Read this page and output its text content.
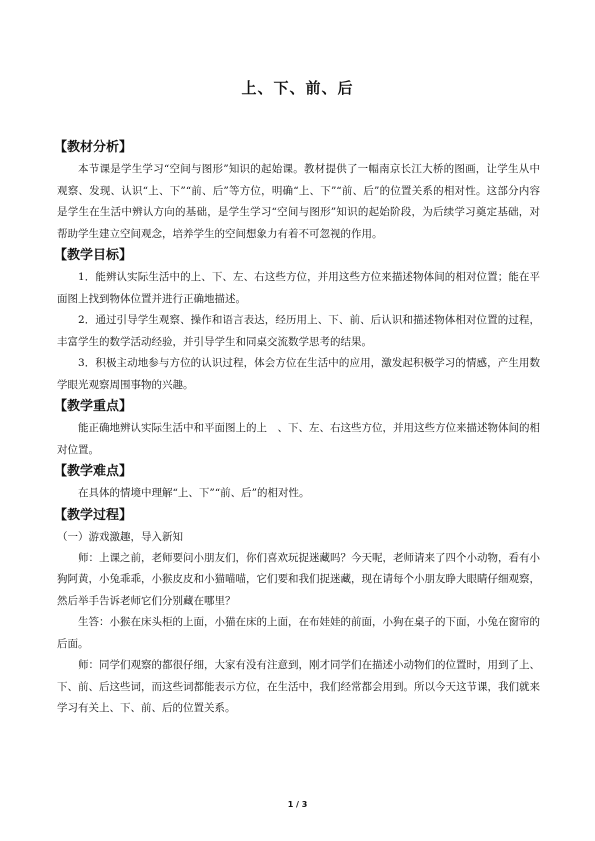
上、下、前、后
【教材分析】

本节课是学生学习“空间与图形”知识的起始课。教材提供了一幅南京长江大桥的图画，让学生从中观察、发现、认识“上、下”“前、后”等方位，明确“上、下”“前、后”的位置关系的相对性。这部分内容是学生在生活中辨认方向的基础，是学生学习“空间与图形”知识的起始阶段，为后续学习奠定基础，对帮助学生建立空间观念，培养学生的空间想象力有着不可忽视的作用。

【教学目标】

1．能辨认实际生活中的上、下、左、右这些方位，并用这些方位来描述物体间的相对位置；能在平面图上找到物体位置并进行正确地描述。

2．通过引导学生观察、操作和语言表达，经历用上、下、前、后认识和描述物体相对位置的过程，丰富学生的数学活动经验，并引导学生和同桌交流数学思考的结果。

3．积极主动地参与方位的认识过程，体会方位在生活中的应用，激发起积极学习的情感，产生用数学眼光观察周围事物的兴趣。

【教学重点】

能正确地辨认实际生活中和平面图上的上　、下、左、右这些方位，并用这些方位来描述物体间的相对位置。

【教学难点】

在具体的情境中理解“上、下”“前、后”的相对性。

【教学过程】

（一）游戏激趣，导入新知

师：上课之前，老师要问小朋友们，你们喜欢玩捉迷藏吗？今天呢，老师请来了四个小动物，看有小狗阿黄，小兔乖乖，小猴皮皮和小猫喵喵，它们要和我们捉迷藏，现在请每个小朋友睁大眼睛仔细观察，然后举手告诉老师它们分别藏在哪里？

生答：小猴在床头柜的上面，小猫在床的上面，在布娃娃的前面，小狗在桌子的下面，小兔在窗帘的后面。

师：同学们观察的都很仔细，大家有没有注意到，刚才同学们在描述小动物们的位置时，用到了上、下、前、后这些词，而这些词都能表示方位，在生活中，我们经常都会用到。所以今天这节课，我们就来学习有关上、下、前、后的位置关系。

1 / 3
